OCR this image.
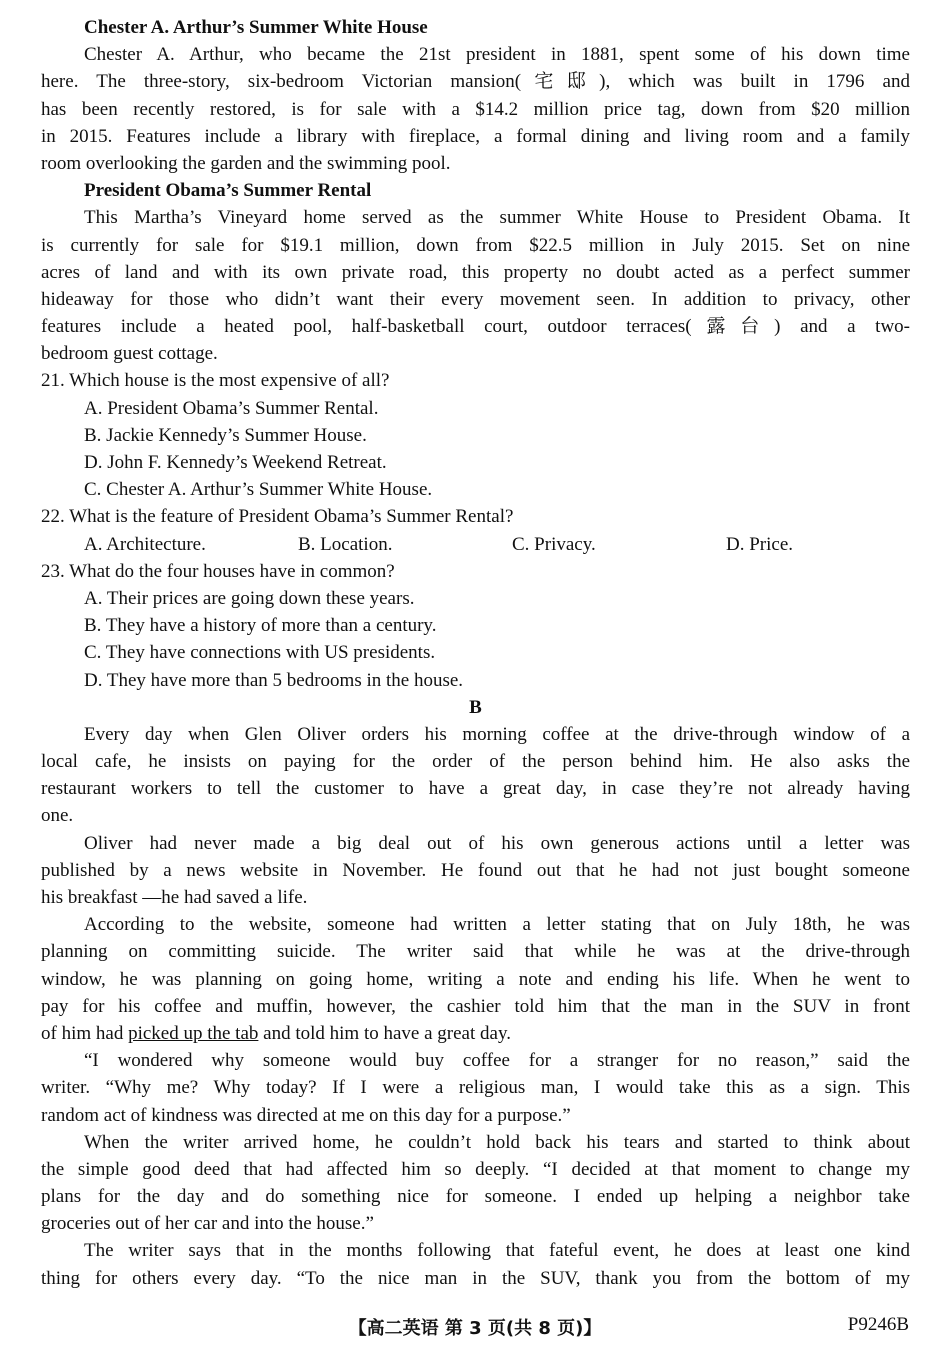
Chester A. Arthur’s Summer White House

Chester A. Arthur, who became the 21st president in 1881, spent some of his down time

here. The three-story, six-bedroom Victorian mansion(宅邸), which was built in 1796 and

has been recently restored, is for sale with a $14.2 million price tag, down from $20 million

in 2015. Features include a library with fireplace, a formal dining and living room and a family

room overlooking the garden and the swimming pool.

President Obama’s Summer Rental

This Martha’s Vineyard home served as the summer White House to President Obama. It

is currently for sale for $19.1 million, down from $22.5 million in July 2015. Set on nine

acres of land and with its own private road, this property no doubt acted as a perfect summer

hideaway for those who didn’t want their every movement seen. In addition to privacy, other

features include a heated pool, half-basketball court, outdoor terraces(露台) and a two-

bedroom guest cottage.

21. Which house is the most expensive of all?

A. President Obama’s Summer Rental.

B. Jackie Kennedy’s Summer House.

D. John F. Kennedy’s Weekend Retreat.

C. Chester A. Arthur’s Summer White House.

22. What is the feature of President Obama’s Summer Rental?

A. Architecture.	B. Location.	C. Privacy.	D. Price.

23. What do the four houses have in common?

A. Their prices are going down these years.

B. They have a history of more than a century.

C. They have connections with US presidents.

D. They have more than 5 bedrooms in the house.

B

Every day when Glen Oliver orders his morning coffee at the drive-through window of a

local cafe, he insists on paying for the order of the person behind him. He also asks the

restaurant workers to tell the customer to have a great day, in case they’re not already having

one.

Oliver had never made a big deal out of his own generous actions until a letter was

published by a news website in November. He found out that he had not just bought someone

his breakfast —he had saved a life.

According to the website, someone had written a letter stating that on July 18th, he was

planning on committing suicide. The writer said that while he was at the drive-through

window, he was planning on going home, writing a note and ending his life. When he went to

pay for his coffee and muffin, however, the cashier told him that the man in the SUV in front

of him had picked up the tab and told him to have a great day.

“I wondered why someone would buy coffee for a stranger for no reason,” said the

writer. “Why me? Why today? If I were a religious man, I would take this as a sign. This

random act of kindness was directed at me on this day for a purpose.”

When the writer arrived home, he couldn’t hold back his tears and started to think about

the simple good deed that had affected him so deeply. “I decided at that moment to change my

plans for the day and do something nice for someone. I ended up helping a neighbor take

groceries out of her car and into the house.”

The writer says that in the months following that fateful event, he does at least one kind

thing for others every day. “To the nice man in the SUV, thank you from the bottom of my

【高二英语 第 3 页(共 8 页)】	P9246B
